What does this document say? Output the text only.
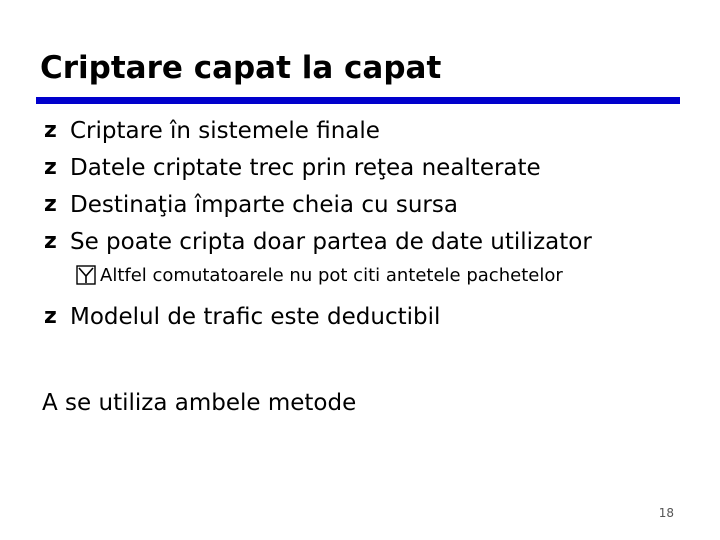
Criptare capat la capat
z Criptare în sistemele finale
z Datele criptate trec prin reţea nealterate
z Destinaţia împarte cheia cu sursa
z Se poate cripta doar partea de date utilizator
Altfel comutatoarele nu pot citi antetele pachetelor
z Modelul de trafic este deductibil

A se utiliza ambele metode

18
